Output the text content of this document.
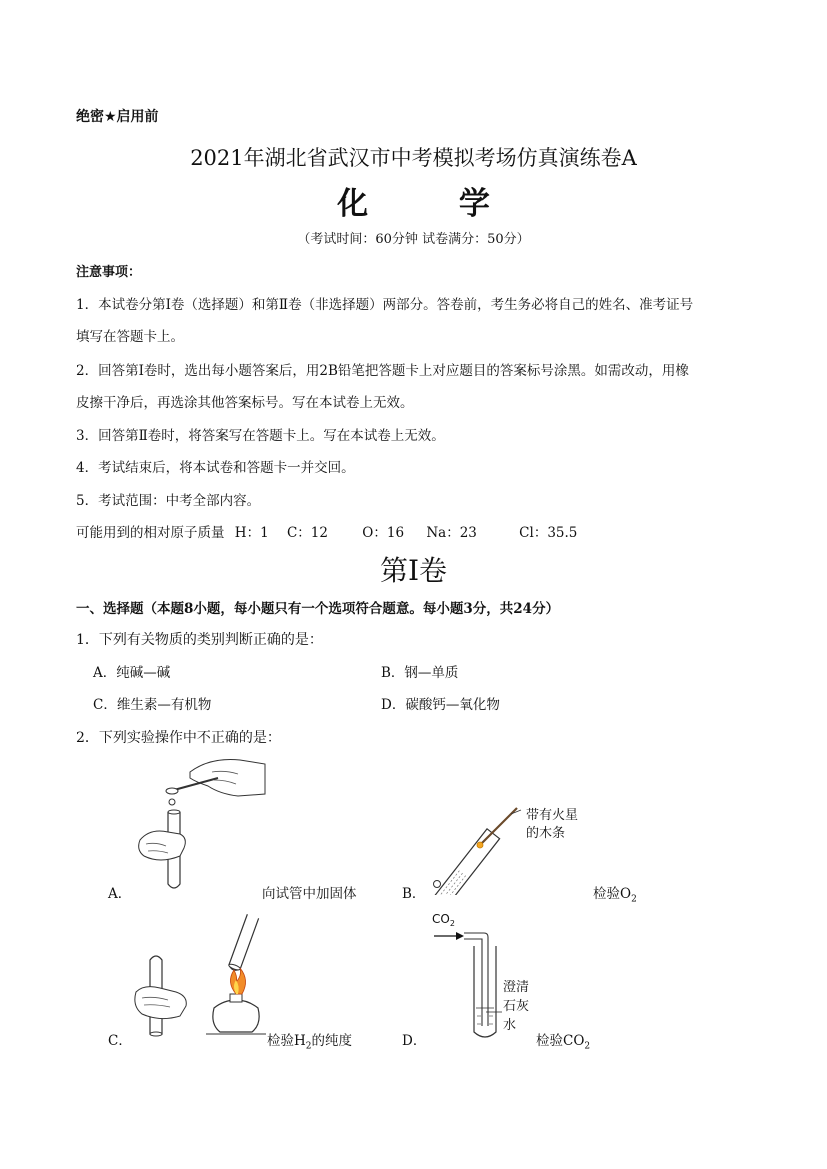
绝密★启用前
2021年湖北省武汉市中考模拟考场仿真演练卷A
化 学
（考试时间：60分钟 试卷满分：50分）
注意事项：
1．本试卷分第Ⅰ卷（选择题）和第Ⅱ卷（非选择题）两部分。答卷前，考生务必将自己的姓名、准考证号
填写在答题卡上。
2．回答第Ⅰ卷时，选出每小题答案后，用2B铅笔把答题卡上对应题目的答案标号涂黑。如需改动，用橡
皮擦干净后，再选涂其他答案标号。写在本试卷上无效。
3．回答第Ⅱ卷时，将答案写在答题卡上。写在本试卷上无效。
4．考试结束后，将本试卷和答题卡一并交回。
5．考试范围：中考全部内容。
可能用到的相对原子质量 H：1 C：12	O：16 Na：23	Cl：35.5
第Ⅰ卷
一、选择题（本题8小题，每小题只有一个选项符合题意。每小题3分，共24分）
1．下列有关物质的类别判断正确的是：
A．纯碱—碱	B．钢—单质
C．维生素—有机物	D．碳酸钙—氧化物
2．下列实验操作中不正确的是：
A．	向试管中加固体
带有火星
的木条
B．	检验$O_2$
C．	检验$H_2$的纯度
$CO_2$
澄清
石灰
水
D．	检验$CO_2$
